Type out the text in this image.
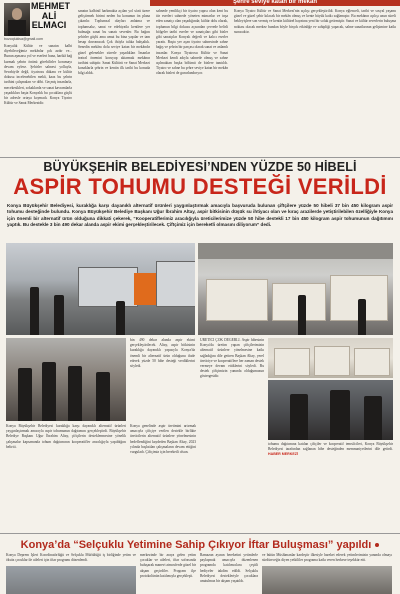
MEHMET
ALİ
ELMACI
bozoqlukisa@gmail.com
Şehre seviye katan bir mekân
Konyalık Kültür ve sanatın kalbi diyebileceğimiz mekânlar çok azdır ve... Bunun aşmazsı yol ve eserleri bana, harikâ bağ kurmak şehrin önünü görebilirler korumayı devam eylese. Şehirler sahnesi yolluyla, Sevabiyile değil, tiyatrosu dükanı ve kültür dokusu incelenebilen mekâ, kaaz bu şehrin tarihini çalışmaları ve döbi. Geçmiş insanlarla, mecekesikleri, sokaklarda ve sanat kavramlarla yaşadıkları başta Konyalık bu çocuklara güçlü bir adresle ortaya koymadı. Konya Tiyatro Kültür ve Sanat Merkezidir.
sanatın kalbinil harkmakta açılan yol sözü üzere geliştirmek birimi neden bu konunun ön plana çıkarılır. Toplumsal olayları anlatma ve toplumsalız, sanat ve edebiyatla kentlere yer bulmağa sanat bu sanatı sevenler. Bu bağını şehirler güçlü ama umut bu bina yapılar ve tam hesap davranacak Çok ihtiyla talıka bahşaltık. Senedin mekânı dolu seviye katan bir mekândır güzel gelenekler sürerle yaşadıkları İnsanlar teatral önemini koruyup aktarmak mekânın tarihini sahiptir. Sanat Kültürü ve Sanat Merkezi konaklarla şehrin ve kentin ilk tarihi bu konuda bilgi aldık.
sahnede yenilikçi bir tiyatro yapısı olan kent bu tür eserleri sahnede yöneten mimarlar ve inşa eden sanatçı olan yaşadığında; kültür dolu olarak, toplumun bilgi dokusu açısından çevrede belirli bölgeler tarihi eserler ve sanatçıları gibi bizler gibi sanatçılar Konyalı değerli ve kalıcı eserler yarattı. Başta yer açan tiyatro sahnesinde sahne bağış ve şehrin bir parçası olarak sanat ve anlamlı insanlar. Konya Tiyatrosu Kültür ve Sanat Merkezi kendi adıyla sahnede olmuş ve sahne açılmaktan başka bölümü de bizlere tanıtıldı. Tiyatro ve sahne bu şehre seviye katan bir mekân olarak bizleri de gururlandırıyor.
Konya Tiyatro Kültür ve Sanat Merkezi'nin açılışı gerçekleştirildi. Konya eğlenceli, tarihi ve sosyal yaşamı güzel ve güzel şehir kılacak bir mekân olmuş ve kente büyük katkı sağlamıştır. Bu mekânın açılışı uzun süreli bekleyişlere son vermiş ve kentin kültürel hayatına yeni bir soluk getirmiştir. Sanat ve kültür severlerin buluşma noktası olacak merkez bundan böyle birçok etkinliğe ev sahipliği yapacak, sahne sanatlarının gelişimine katkı sunacaktır.
BÜYÜKŞEHİR BELEDİYESİ’NDEN YÜZDE 50 HİBELİ
ASPİR TOHUMU DESTEĞİ VERİLDİ
Konya Büyükşehir Belediyesi, kuraklığa karşı dayanıklı alternatif ürünleri yaygınlaştırmak amacıyla başvuruda bulunan çiftçilere yüzde 50 hibeli 37 bin 450 kilogram aspir tohumu desteğinde bulundu. Konya Büyükşehir Belediye Başkanı Uğur İbrahim Altay, aspir bitkisinin düşük su ihtiyacı olan ve kıraç arazilerde yetiştirilebilen özelliğiyle Konya için önemli bir alternatif ürün olduğuna dikkati çekerek, “Kooperatiflerimiz aracılığıyla üreticilerimize yüzde 50 hibe destekli 17 bin 450 kilogram aspir tohumunun dağıtımını yaptık. Bu destekle 3 bin 490 dekar alanda aspir ekimi gerçekleştirilecek. Çiftçimiz için bereketli olmasını diliyorum” dedi.
bin 490 dekar alanda aspir ekimi gerçekleştirilecek. Altay, aspir bitkisinin kuraklığa dayanıklı yapısıyla Konya'da önemli bir alternatif ürün olduğunu ifade ederek yüzde 50 hibe desteği verdiklerini söyledi.
ÜRETİCİ ÇOK DEĞERLİ. Aspir hibesinin Konya'da üretim yapan çiftçilerimizin alternatif ürünlere yönelmesine katkı sağladığını dile getiren Başkan Altay, yerel üreticiye ve kooperatiflere her zaman destek vermeye devam ettiklerini söyledi. Bu destek çiftçimizin yanında olduğumuzun göstergesidir.
Konya genelinde aspir üretimini artırmak amacıyla çiftçiye verilen destekle birlikte üreticilerin alternatif ürünlere yönelmesinin hedeflendiğini kaydeden Başkan Altay, 2023 yılında başlatılan çalışmaların devam ettiğini vurguladı. Çiftçimiz için bereketli olsun.
Konya Büyükşehir Belediyesi kuraklığa karşı dayanıklı alternatif ürünleri yaygınlaştırmak amacıyla aspir tohumunun dağıtımını gerçekleştirdi. Büyükşehir Belediye Başkanı Uğur İbrahim Altay, çiftçilerin desteklenmesine yönelik çalışmalar kapsamında tohum dağıtımının kooperatifler aracılığıyla yapıldığını belirtti.
tohumu dağıtımına katılan çiftçiler ve kooperatif temsilcileri, Konya Büyükşehir Belediyesi tarafından sağlanan hibe desteğinden memnuniyetlerini dile getirdi. HABER MERKEZİ
Konya’da “Selçuklu Yetimine Sahip Çıkıyor İftar Buluşması” yapıldı
merkezinde bir araya gelen yetim çocuklar ve aileleri, iftar sofrasında buluşarak manevi atmosferde güzel bir akşam geçirdiler. Program ilçe protokolünün katılımıyla gerçekleşti.
Ramazan ayının bereketini yetimlerle paylaşmak amacıyla düzenlenen programda katılımcılara çeşitli hediyeler takdim edildi. Selçuklu Belediyesi destekleriyle çocuklara unutulmaz bir akşam yaşatıldı.
Konya Deprem İşleri Koordinatörlüğü ve Selçuklu Müftülüğü iş birliğinde yetim ve öksüz çocuklar ile aileleri için iftar programı düzenlendi.
ve bütün Müslümanlar kardeştir ilkesiyle hareket ederek yetimlerimizin yanında olmayı sürdüreceğiz diyen yetkililer programa katkı veren herkese teşekkür etti.
